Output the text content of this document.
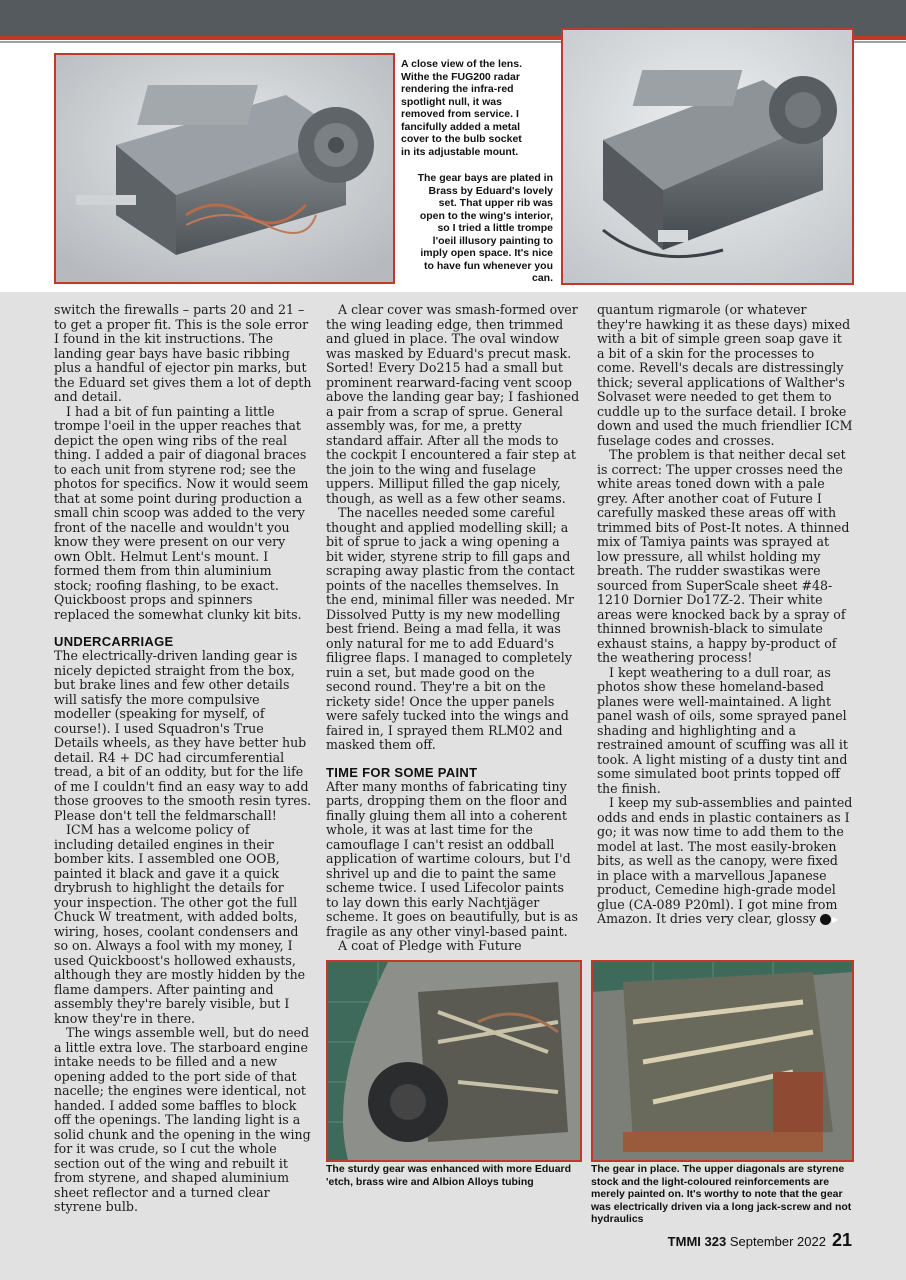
A close view of the lens. Withe the FUG200 radar rendering the infra-red spotlight null, it was removed from service. I fancifully added a metal cover to the bulb socket in its adjustable mount.
The gear bays are plated in Brass by Eduard's lovely set. That upper rib was open to the wing's interior, so I tried a little trompe l'oeil illusory painting to imply open space. It's nice to have fun whenever you can.

switch the firewalls – parts 20 and 21 – to get a proper fit. This is the sole error I found in the kit instructions. The landing gear bays have basic ribbing plus a handful of ejector pin marks, but the Eduard set gives them a lot of depth and detail.

I had a bit of fun painting a little trompe l'oeil in the upper reaches that depict the open wing ribs of the real thing. I added a pair of diagonal braces to each unit from styrene rod; see the photos for specifics. Now it would seem that at some point during production a small chin scoop was added to the very front of the nacelle and wouldn't you know they were present on our very own Oblt. Helmut Lent's mount. I formed them from thin aluminium stock; roofing flashing, to be exact. Quickboost props and spinners replaced the somewhat clunky kit bits.

UNDERCARRIAGE

The electrically-driven landing gear is nicely depicted straight from the box, but brake lines and few other details will satisfy the more compulsive modeller (speaking for myself, of course!). I used Squadron's True Details wheels, as they have better hub detail. R4 + DC had circumferential tread, a bit of an oddity, but for the life of me I couldn't find an easy way to add those grooves to the smooth resin tyres. Please don't tell the feldmarschall!

ICM has a welcome policy of including detailed engines in their bomber kits. I assembled one OOB, painted it black and gave it a quick drybrush to highlight the details for your inspection. The other got the full Chuck W treatment, with added bolts, wiring, hoses, coolant condensers and so on. Always a fool with my money, I used Quickboost's hollowed exhausts, although they are mostly hidden by the flame dampers. After painting and assembly they're barely visible, but I know they're in there.

The wings assemble well, but do need a little extra love. The starboard engine intake needs to be filled and a new opening added to the port side of that nacelle; the engines were identical, not handed. I added some baffles to block off the openings. The landing light is a solid chunk and the opening in the wing for it was crude, so I cut the whole section out of the wing and rebuilt it from styrene, and shaped aluminium sheet reflector and a turned clear styrene bulb.

A clear cover was smash-formed over the wing leading edge, then trimmed and glued in place. The oval window was masked by Eduard's precut mask. Sorted! Every Do215 had a small but prominent rearward-facing vent scoop above the landing gear bay; I fashioned a pair from a scrap of sprue. General assembly was, for me, a pretty standard affair. After all the mods to the cockpit I encountered a fair step at the join to the wing and fuselage uppers. Milliput filled the gap nicely, though, as well as a few other seams.

The nacelles needed some careful thought and applied modelling skill; a bit of sprue to jack a wing opening a bit wider, styrene strip to fill gaps and scraping away plastic from the contact points of the nacelles themselves. In the end, minimal filler was needed. Mr Dissolved Putty is my new modelling best friend. Being a mad fella, it was only natural for me to add Eduard's filigree flaps. I managed to completely ruin a set, but made good on the second round. They're a bit on the rickety side! Once the upper panels were safely tucked into the wings and faired in, I sprayed them RLM02 and masked them off.

TIME FOR SOME PAINT

After many months of fabricating tiny parts, dropping them on the floor and finally gluing them all into a coherent whole, it was at last time for the camouflage I can't resist an oddball application of wartime colours, but I'd shrivel up and die to paint the same scheme twice. I used Lifecolor paints to lay down this early Nachtjäger scheme. It goes on beautifully, but is as fragile as any other vinyl-based paint.

A coat of Pledge with Future

quantum rigmarole (or whatever they're hawking it as these days) mixed with a bit of simple green soap gave it a bit of a skin for the processes to come. Revell's decals are distressingly thick; several applications of Walther's Solvaset were needed to get them to cuddle up to the surface detail. I broke down and used the much friendlier ICM fuselage codes and crosses.

The problem is that neither decal set is correct: The upper crosses need the white areas toned down with a pale grey. After another coat of Future I carefully masked these areas off with trimmed bits of Post-It notes. A thinned mix of Tamiya paints was sprayed at low pressure, all whilst holding my breath. The rudder swastikas were sourced from SuperScale sheet #48-1210 Dornier Do17Z-2. Their white areas were knocked back by a spray of thinned brownish-black to simulate exhaust stains, a happy by-product of the weathering process!

I kept weathering to a dull roar, as photos show these homeland-based planes were well-maintained. A light panel wash of oils, some sprayed panel shading and highlighting and a restrained amount of scuffing was all it took. A light misting of a dusty tint and some simulated boot prints topped off the finish.

I keep my sub-assemblies and painted odds and ends in plastic containers as I go; it was now time to add them to the model at last. The most easily-broken bits, as well as the canopy, were fixed in place with a marvellous Japanese product, Cemedine high-grade model glue (CA-089 P20ml). I got mine from Amazon. It dries very clear, glossy ▶

The sturdy gear was enhanced with more Eduard 'etch, brass wire and Albion Alloys tubing
The gear in place. The upper diagonals are styrene stock and the light-coloured reinforcements are merely painted on. It's worthy to note that the gear was electrically driven via a long jack-screw and not hydraulics
TMMI 323 September 2022 21
